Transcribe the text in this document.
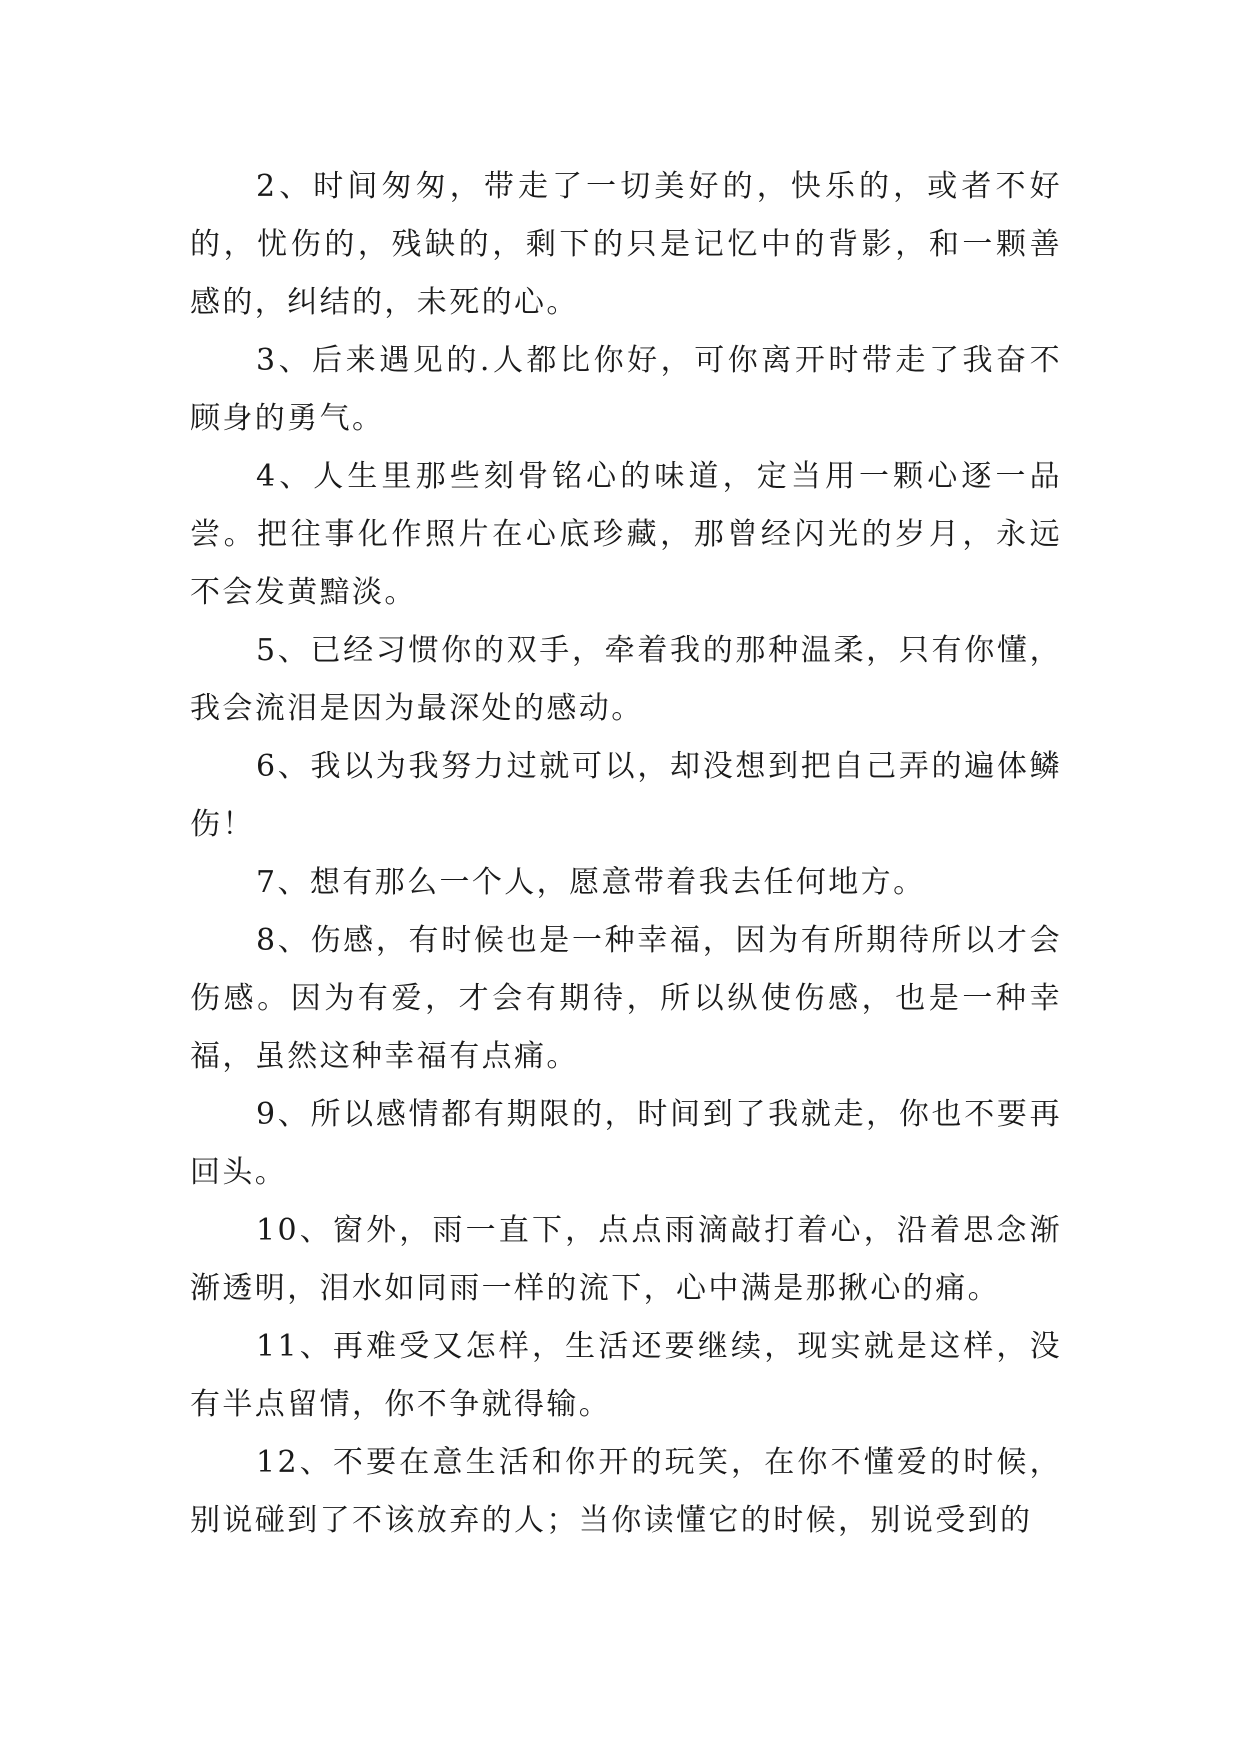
2、时间匆匆，带走了一切美好的，快乐的，或者不好的，忧伤的，残缺的，剩下的只是记忆中的背影，和一颗善感的，纠结的，未死的心。

3、后来遇见的.人都比你好，可你离开时带走了我奋不顾身的勇气。

4、人生里那些刻骨铭心的味道，定当用一颗心逐一品尝。把往事化作照片在心底珍藏，那曾经闪光的岁月，永远不会发黄黯淡。

5、已经习惯你的双手，牵着我的那种温柔，只有你懂，我会流泪是因为最深处的感动。

6、我以为我努力过就可以，却没想到把自己弄的遍体鳞伤！

7、想有那么一个人，愿意带着我去任何地方。

8、伤感，有时候也是一种幸福，因为有所期待所以才会伤感。因为有爱，才会有期待，所以纵使伤感，也是一种幸福，虽然这种幸福有点痛。

9、所以感情都有期限的，时间到了我就走，你也不要再回头。

10、窗外，雨一直下，点点雨滴敲打着心，沿着思念渐渐透明，泪水如同雨一样的流下，心中满是那揪心的痛。

11、再难受又怎样，生活还要继续，现实就是这样，没有半点留情，你不争就得输。

12、不要在意生活和你开的玩笑，在你不懂爱的时候，别说碰到了不该放弃的人；当你读懂它的时候，别说受到的
